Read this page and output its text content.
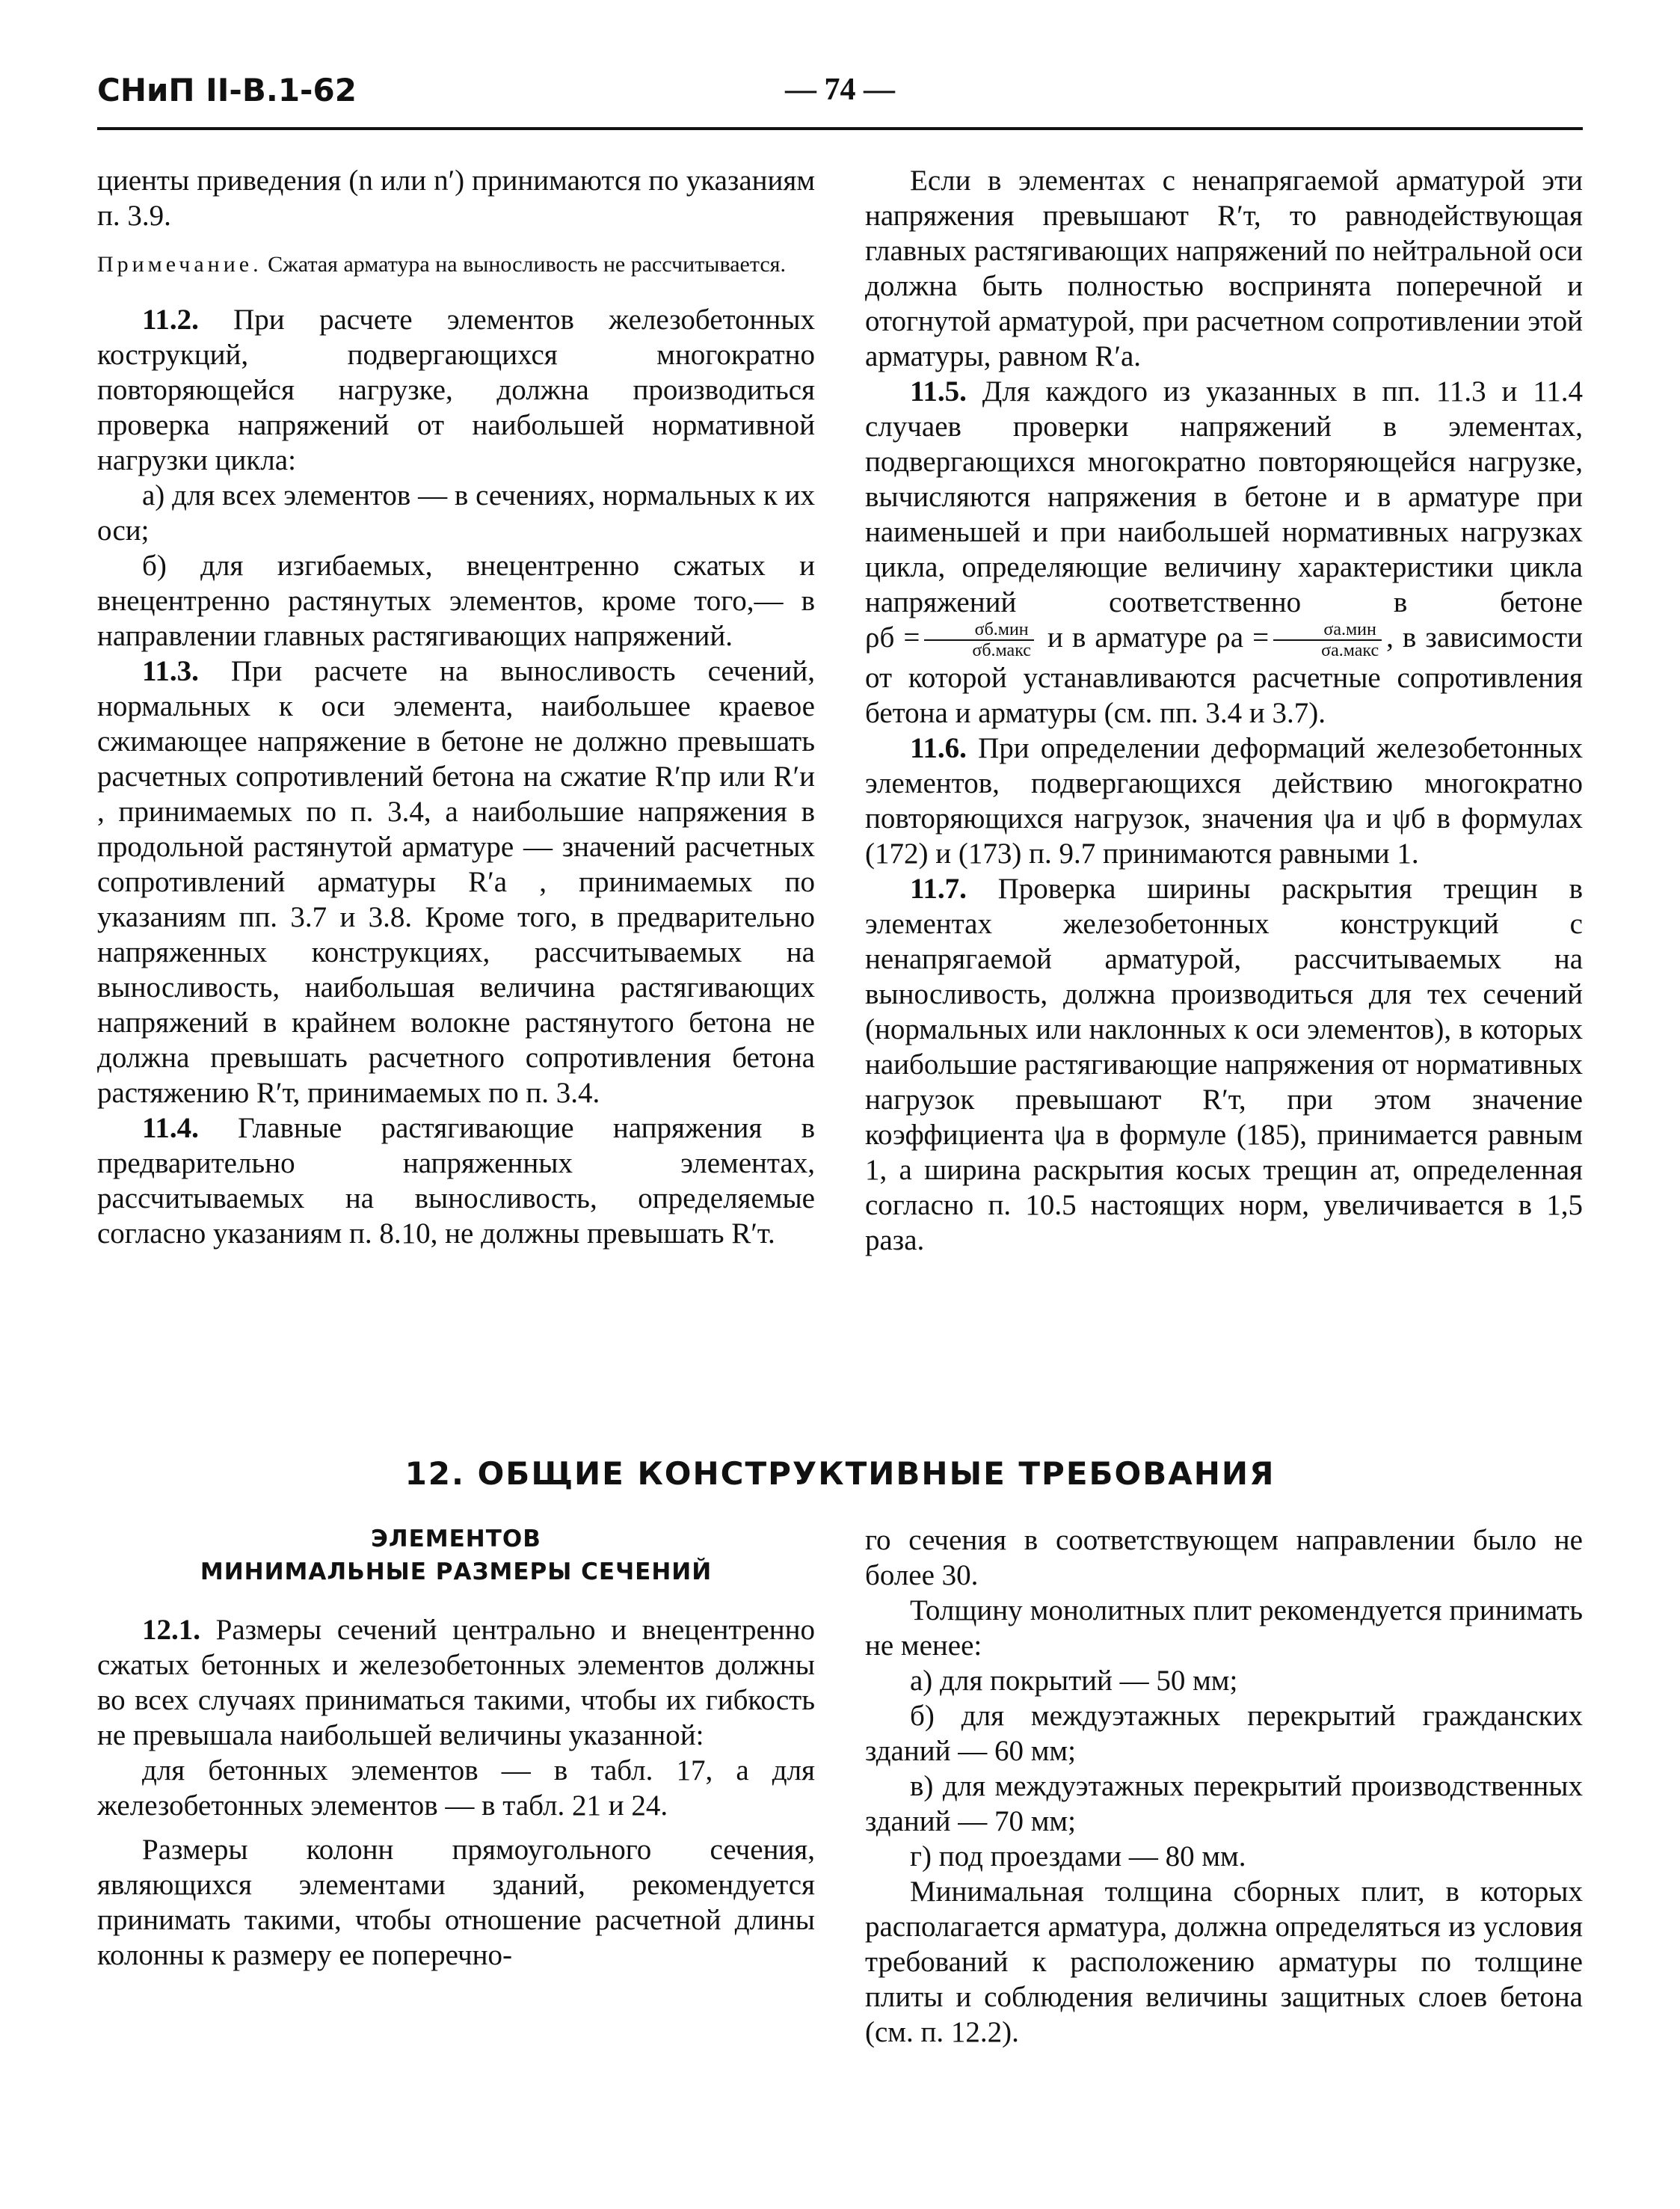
СНиП II-В.1-62	— 74 —

циенты приведения (n или n′) принимаются по указаниям п. 3.9.

Примечание. Сжатая арматура на выносливость не рассчитывается.

11.2. При расчете элементов железобетонных кострукций, подвергающихся многократно повторяющейся нагрузке, должна производиться проверка напряжений от наибольшей нормативной нагрузки цикла:

а) для всех элементов — в сечениях, нормальных к их оси;

б) для изгибаемых, внецентренно сжатых и внецентренно растянутых элементов, кроме того,— в направлении главных растягивающих напряжений.

11.3. При расчете на выносливость сечений, нормальных к оси элемента, наибольшее краевое сжимающее напряжение в бетоне не должно превышать расчетных сопротивлений бетона на сжатие R′пр или R′и , принимаемых по п. 3.4, а наибольшие напряжения в продольной растянутой арматуре — значений расчетных сопротивлений арматуры R′а , принимаемых по указаниям пп. 3.7 и 3.8. Кроме того, в предварительно напряженных конструкциях, рассчитываемых на выносливость, наибольшая величина растягивающих напряжений в крайнем волокне растянутого бетона не должна превышать расчетного сопротивления бетона растяжению R′т, принимаемых по п. 3.4.

11.4. Главные растягивающие напряжения в предварительно напряженных элементах, рассчитываемых на выносливость, определяемые согласно указаниям п. 8.10, не должны превышать R′т.

Если в элементах с ненапрягаемой арматурой эти напряжения превышают R′т, то равнодействующая главных растягивающих напряжений по нейтральной оси должна быть полностью воспринята поперечной и отогнутой арматурой, при расчетном сопротивлении этой арматуры, равном R′а.

11.5. Для каждого из указанных в пп. 11.3 и 11.4 случаев проверки напряжений в элементах, подвергающихся многократно повторяющейся нагрузке, вычисляются напряжения в бетоне и в арматуре при наименьшей и при наибольшей нормативных нагрузках цикла, определяющие величину характеристики цикла напряжений соответственно в бетоне $\rho б = \frac{\text{σб.мин}}{\text{σб.макс}}$ и в арматуре $\rho а = \frac{\text{σа.мин}}{\text{σа.макс}}$ , в зависимости от которой устанавливаются расчетные сопротивления бетона и арматуры (см. пп. 3.4 и 3.7).

11.6. При определении деформаций железобетонных элементов, подвергающихся действию многократно повторяющихся нагрузок, значения ψа и ψб в формулах (172) и (173) п. 9.7 принимаются равными 1.

11.7. Проверка ширины раскрытия трещин в элементах железобетонных конструкций с ненапрягаемой арматурой, рассчитываемых на выносливость, должна производиться для тех сечений (нормальных или наклонных к оси элементов), в которых наибольшие растягивающие напряжения от нормативных нагрузок превышают R′т, при этом значение коэффициента ψа в формуле (185), принимается равным 1, а ширина раскрытия косых трещин aт, определенная согласно п. 10.5 настоящих норм, увеличивается в 1,5 раза.

12. ОБЩИЕ КОНСТРУКТИВНЫЕ ТРЕБОВАНИЯ

ЭЛЕМЕНТОВ
МИНИМАЛЬНЫЕ РАЗМЕРЫ СЕЧЕНИЙ

12.1. Размеры сечений центрально и внецентренно сжатых бетонных и железобетонных элементов должны во всех случаях приниматься такими, чтобы их гибкость не превышала наибольшей величины указанной:

для бетонных элементов — в табл. 17, а для железобетонных элементов — в табл. 21 и 24.

Размеры колонн прямоугольного сечения, являющихся элементами зданий, рекомендуется принимать такими, чтобы отношение расчетной длины колонны к размеру ее поперечно-

го сечения в соответствующем направлении было не более 30.

Толщину монолитных плит рекомендуется принимать не менее:

а) для покрытий — 50 мм;

б) для междуэтажных перекрытий гражданских зданий — 60 мм;

в) для междуэтажных перекрытий производственных зданий — 70 мм;

г) под проездами — 80 мм.

Минимальная толщина сборных плит, в которых располагается арматура, должна определяться из условия требований к расположению арматуры по толщине плиты и соблюдения величины защитных слоев бетона (см. п. 12.2).
